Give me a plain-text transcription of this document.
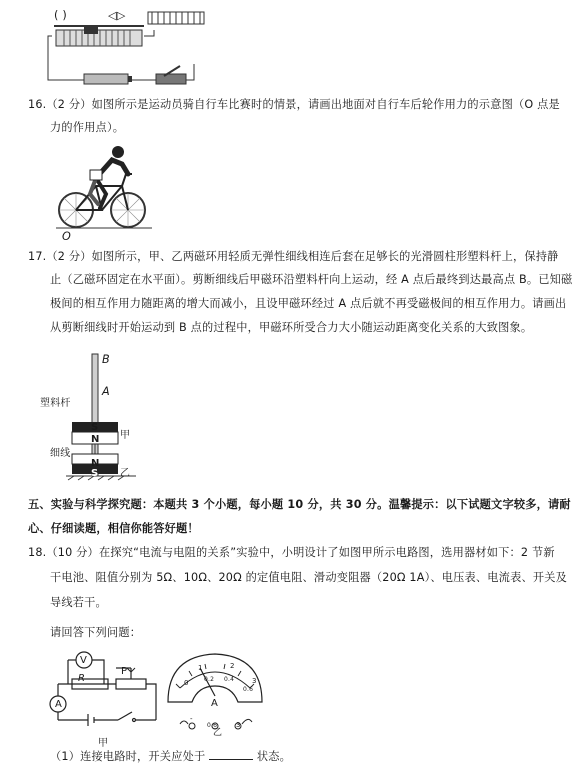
( )	◁▷
16.（2 分）如图所示是运动员骑自行车比赛时的情景，请画出地面对自行车后轮作用力的示意图（O 点是
力的作用点）。
O
17.（2 分）如图所示，甲、乙两磁环用轻质无弹性细线相连后套在足够长的光滑圆柱形塑料杆上，保持静
止（乙磁环固定在水平面）。剪断细线后甲磁环沿塑料杆向上运动，经 A 点后最终到达最高点 B。已知磁
极间的相互作用力随距离的增大而减小，且设甲磁环经过 A 点后就不再受磁极间的相互作用力。请画出
从剪断细线时开始运动到 B 点的过程中，甲磁环所受合力大小随运动距离变化关系的大致图象。
B
A
塑料杆
S
N 甲
细线
N
S 乙
五、实验与科学探究题：本题共 3 个小题，每小题 10 分，共 30 分。温馨提示：以下试题文字较多，请耐
心、仔细读题，相信你能答好题！
18.（10 分）在探究“电流与电阻的关系”实验中，小明设计了如图甲所示电路图，选用器材如下：2 节新
干电池、阻值分别为 5Ω、10Ω、20Ω 的定值电阻、滑动变阻器（20Ω 1A）、电压表、电流表、开关及
导线若干。
请回答下列问题：
V
P
R
A
甲
0
1	2
3
0.2 0.4
0.6
A
-
0.6	3
乙
（1）连接电路时，开关应处于	状态。
